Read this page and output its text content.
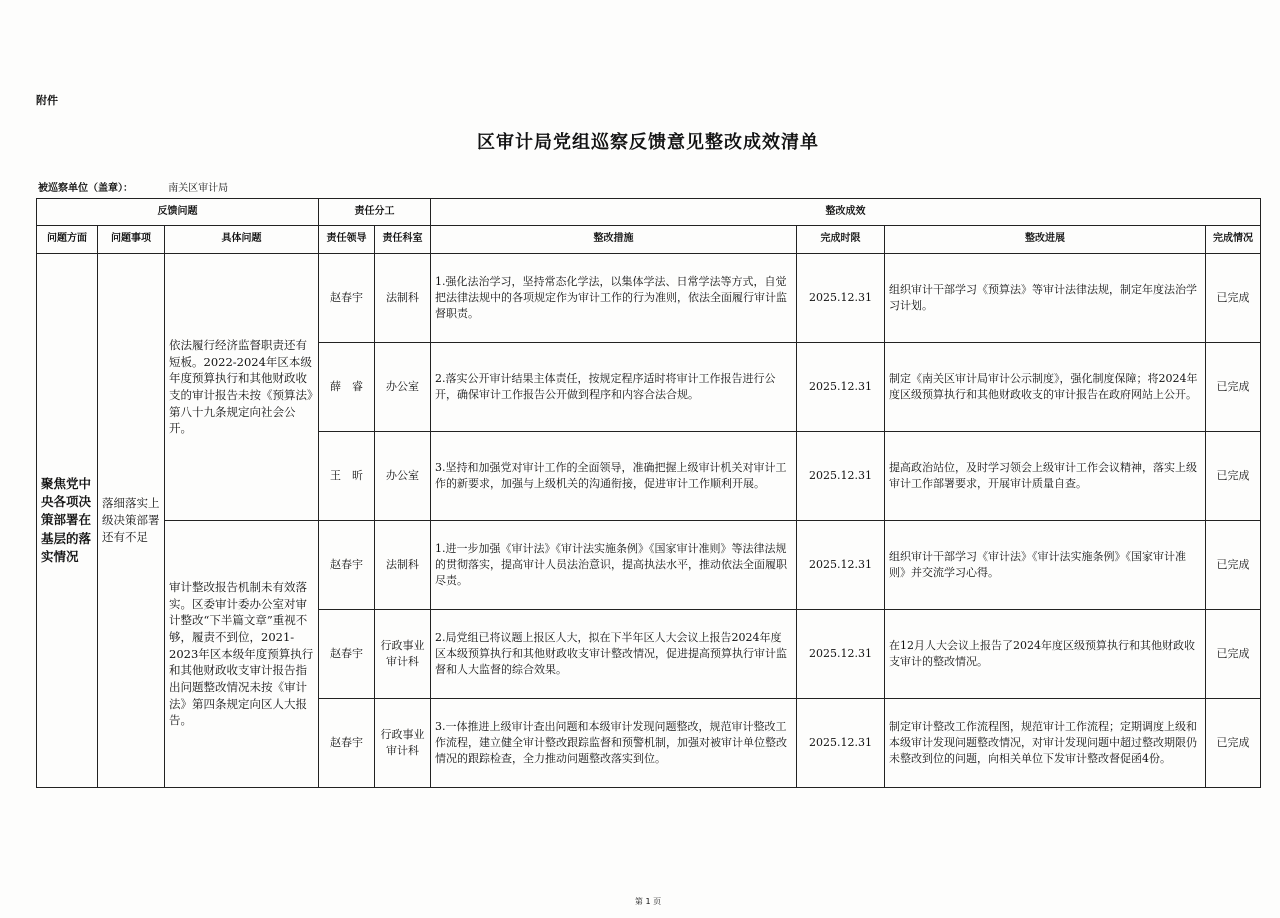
附件
区审计局党组巡察反馈意见整改成效清单
被巡察单位（盖章）：	南关区审计局
反馈问题			责任分工		整改成效			
问题方面	问题事项	具体问题	责任领导	责任科室	整改措施	完成时限	整改进展	完成情况
聚焦党中央各项决策部署在基层的落实情况	落细落实上级决策部署还有不足	依法履行经济监督职责还有短板。2022-2024年区本级年度预算执行和其他财政收支的审计报告未按《预算法》第八十九条规定向社会公开。	赵春宇	法制科	1.强化法治学习，坚持常态化学法，以集体学法、日常学法等方式，自觉把法律法规中的各项规定作为审计工作的行为准则，依法全面履行审计监督职责。	2025.12.31	组织审计干部学习《预算法》等审计法律法规，制定年度法治学习计划。	已完成
			薛　睿	办公室	2.落实公开审计结果主体责任，按规定程序适时将审计工作报告进行公开，确保审计工作报告公开做到程序和内容合法合规。	2025.12.31	制定《南关区审计局审计公示制度》，强化制度保障；将2024年度区级预算执行和其他财政收支的审计报告在政府网站上公开。	已完成
			王　昕	办公室	3.坚持和加强党对审计工作的全面领导，准确把握上级审计机关对审计工作的新要求，加强与上级机关的沟通衔接，促进审计工作顺利开展。	2025.12.31	提高政治站位，及时学习领会上级审计工作会议精神，落实上级审计工作部署要求，开展审计质量自查。	已完成
		审计整改报告机制未有效落实。区委审计委办公室对审计整改“下半篇文章”重视不够，履责不到位，2021-2023年区本级年度预算执行和其他财政收支审计报告指出问题整改情况未按《审计法》第四条规定向区人大报告。	赵春宇	法制科	1.进一步加强《审计法》《审计法实施条例》《国家审计准则》等法律法规的贯彻落实，提高审计人员法治意识，提高执法水平，推动依法全面履职尽责。	2025.12.31	组织审计干部学习《审计法》《审计法实施条例》《国家审计准则》并交流学习心得。	已完成
			赵春宇	行政事业审计科	2.局党组已将议题上报区人大，拟在下半年区人大会议上报告2024年度区本级预算执行和其他财政收支审计整改情况，促进提高预算执行审计监督和人大监督的综合效果。	2025.12.31	在12月人大会议上报告了2024年度区级预算执行和其他财政收支审计的整改情况。	已完成
			赵春宇	行政事业审计科	3.一体推进上级审计查出问题和本级审计发现问题整改，规范审计整改工作流程，建立健全审计整改跟踪监督和预警机制，加强对被审计单位整改情况的跟踪检查，全力推动问题整改落实到位。	2025.12.31	制定审计整改工作流程图，规范审计工作流程；定期调度上级和本级审计发现问题整改情况，对审计发现问题中超过整改期限仍未整改到位的问题，向相关单位下发审计整改督促函4份。	已完成
第 1 页
